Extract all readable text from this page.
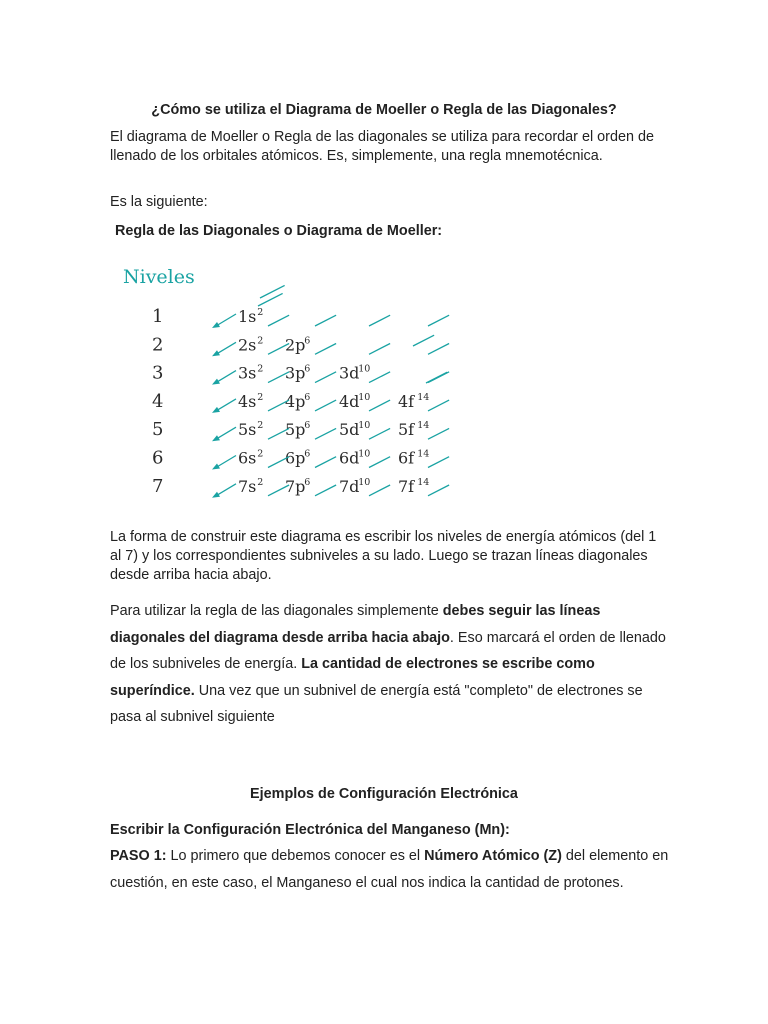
¿Cómo se utiliza el Diagrama de Moeller o Regla de las Diagonales?
El diagrama de Moeller o Regla de las diagonales se utiliza para recordar el orden de llenado de los orbitales atómicos. Es, simplemente, una regla mnemotécnica.
Es la siguiente:
Regla de las Diagonales o Diagrama de Moeller:
Niveles
1
2
3
4
5
6
7
1s 2
2s 2 2p
6
3s 2 3p
6 3d
10
4s 2 4p
6 4d
10 4f 14
5s 2 5p
6 5d
10 5f 14
6s 2 6p
6 6d
10 6f 14
7s 2 7p
6 7d
10 7f 14
La forma de construir este diagrama es escribir los niveles de energía atómicos (del 1 al 7) y los correspondientes subniveles a su lado. Luego se trazan líneas diagonales desde arriba hacia abajo.
Para utilizar la regla de las diagonales simplemente debes seguir las líneas diagonales del diagrama desde arriba hacia abajo. Eso marcará el orden de llenado de los subniveles de energía. La cantidad de electrones se escribe como superíndice. Una vez que un subnivel de energía está "completo" de electrones se pasa al subnivel siguiente
Ejemplos de Configuración Electrónica
Escribir la Configuración Electrónica del Manganeso (Mn):
PASO 1: Lo primero que debemos conocer es el Número Atómico (Z) del elemento en cuestión, en este caso, el Manganeso el cual nos indica la cantidad de protones.
